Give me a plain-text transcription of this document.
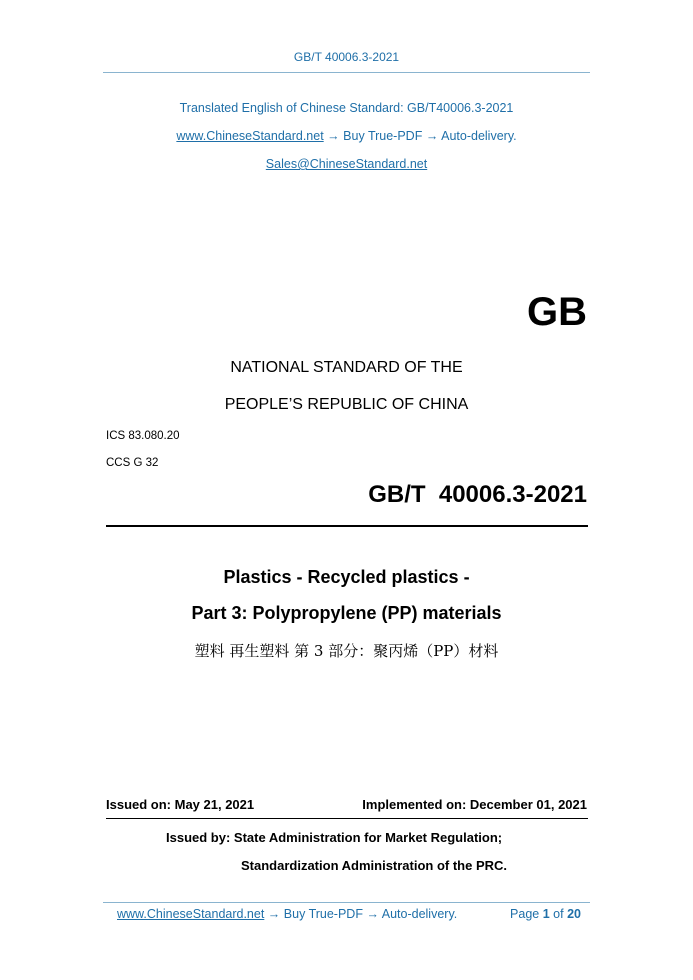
GB/T 40006.3-2021
Translated English of Chinese Standard: GB/T40006.3-2021
www.ChineseStandard.net → Buy True-PDF → Auto-delivery.
Sales@ChineseStandard.net
GB
NATIONAL STANDARD OF THE
PEOPLE’S REPUBLIC OF CHINA
ICS 83.080.20
CCS G 32
GB/T  40006.3-2021
Plastics - Recycled plastics -
Part 3: Polypropylene (PP) materials
塑料 再生塑料 第 3 部分：聚丙烯（PP）材料
Issued on: May 21, 2021	Implemented on: December 01, 2021
Issued by: State Administration for Market Regulation;
Standardization Administration of the PRC.
www.ChineseStandard.net → Buy True-PDF → Auto-delivery.	Page 1 of 20
